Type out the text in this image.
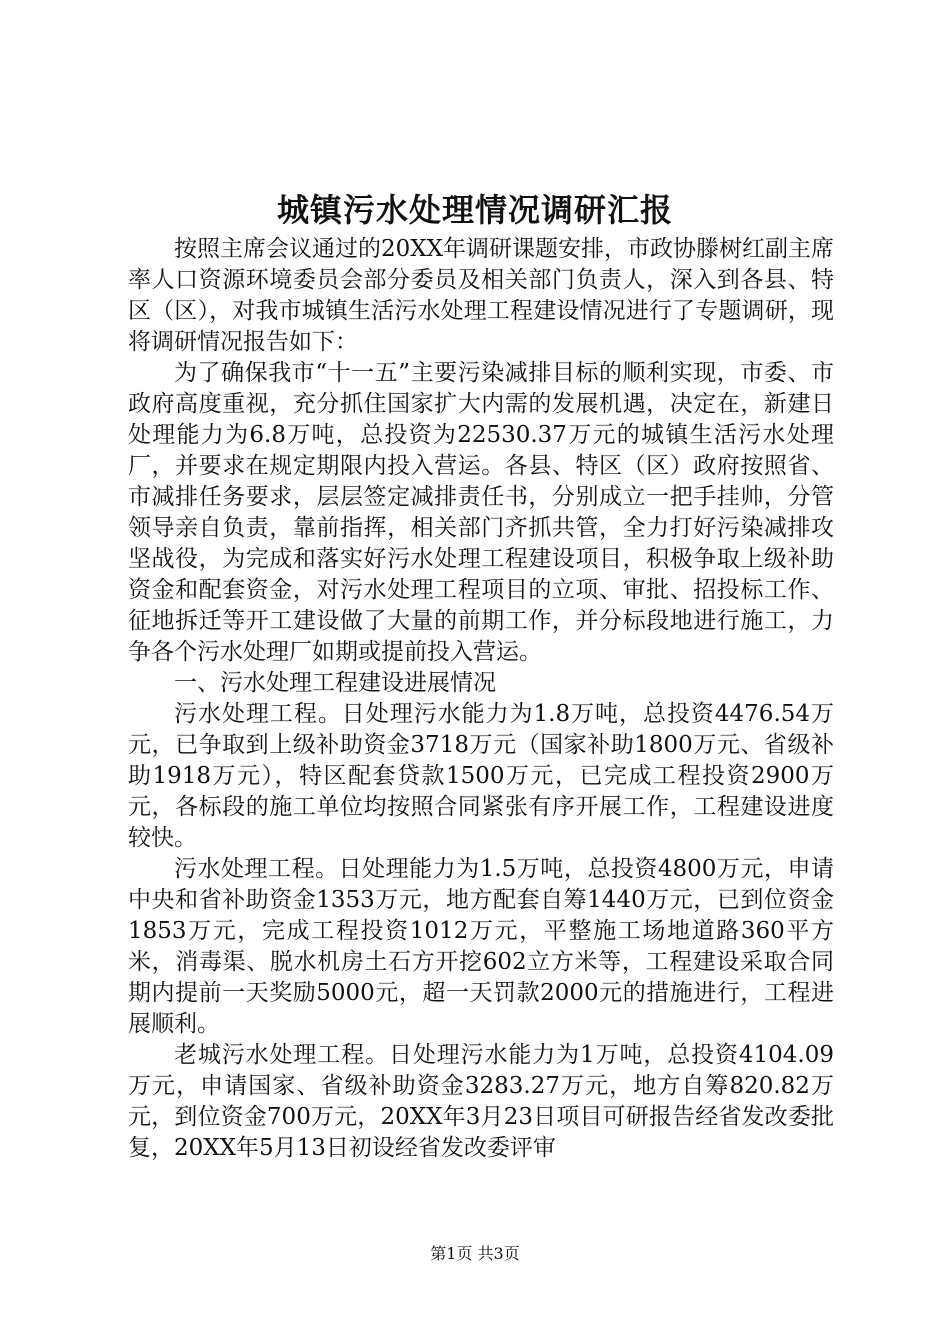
城镇污水处理情况调研汇报

按照主席会议通过的20XX年调研课题安排，市政协滕树红副主席率人口资源环境委员会部分委员及相关部门负责人，深入到各县、特区（区），对我市城镇生活污水处理工程建设情况进行了专题调研，现将调研情况报告如下：

为了确保我市“十一五”主要污染减排目标的顺利实现，市委、市政府高度重视，充分抓住国家扩大内需的发展机遇，决定在，新建日处理能力为6.8万吨，总投资为22530.37万元的城镇生活污水处理厂，并要求在规定期限内投入营运。各县、特区（区）政府按照省、市减排任务要求，层层签定减排责任书，分别成立一把手挂帅，分管领导亲自负责，靠前指挥，相关部门齐抓共管，全力打好污染减排攻坚战役，为完成和落实好污水处理工程建设项目，积极争取上级补助资金和配套资金，对污水处理工程项目的立项、审批、招投标工作、征地拆迁等开工建设做了大量的前期工作，并分标段地进行施工，力争各个污水处理厂如期或提前投入营运。

一、污水处理工程建设进展情况

污水处理工程。日处理污水能力为1.8万吨，总投资4476.54万元，已争取到上级补助资金3718万元（国家补助1800万元、省级补助1918万元），特区配套贷款1500万元，已完成工程投资2900万元，各标段的施工单位均按照合同紧张有序开展工作，工程建设进度较快。

污水处理工程。日处理能力为1.5万吨，总投资4800万元，申请中央和省补助资金1353万元，地方配套自筹1440万元，已到位资金1853万元，完成工程投资1012万元，平整施工场地道路360平方米，消毒渠、脱水机房土石方开挖602立方米等，工程建设采取合同期内提前一天奖励5000元，超一天罚款2000元的措施进行，工程进展顺利。

老城污水处理工程。日处理污水能力为1万吨，总投资4104.09万元，申请国家、省级补助资金3283.27万元，地方自筹820.82万元，到位资金700万元，20XX年3月23日项目可研报告经省发改委批复，20XX年5月13日初设经省发改委评审

第1页 共3页
